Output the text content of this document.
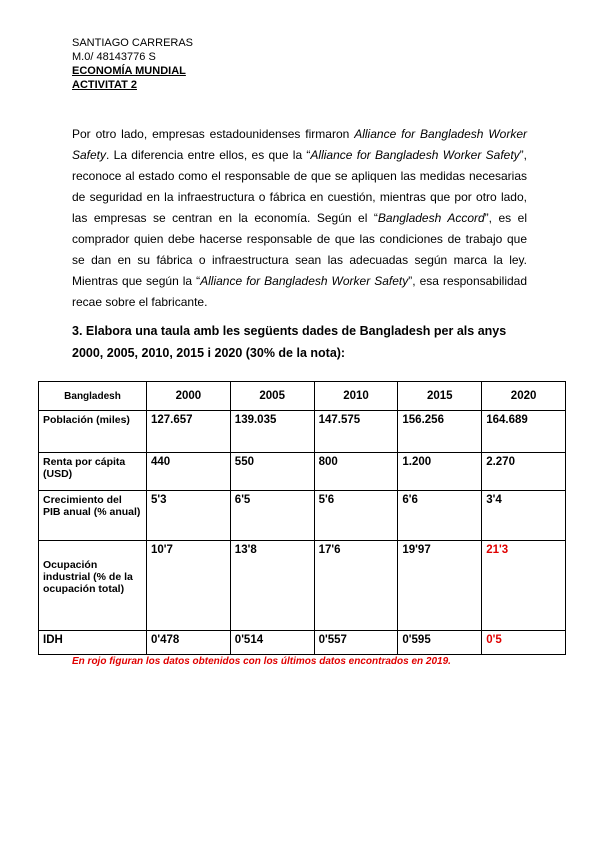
SANTIAGO CARRERAS
M.0/ 48143776 S
ECONOMÍA MUNDIAL
ACTIVITAT 2

Por otro lado, empresas estadounidenses firmaron Alliance for Bangladesh Worker Safety. La diferencia entre ellos, es que la “Alliance for Bangladesh Worker Safety”, reconoce al estado como el responsable de que se apliquen las medidas necesarias de seguridad en la infraestructura o fábrica en cuestión, mientras que por otro lado, las empresas se centran en la economía. Según el “Bangladesh Accord”, es el comprador quien debe hacerse responsable de que las condiciones de trabajo que se dan en su fábrica o infraestructura sean las adecuadas según marca la ley. Mientras que según la “Alliance for Bangladesh Worker Safety”, esa responsabilidad recae sobre el fabricante.

3. Elabora una taula amb les següents dades de Bangladesh per als anys 2000, 2005, 2010, 2015 i 2020 (30% de la nota):
Bangladesh	2000	2005	2010	2015	2020
Población (miles)	127.657	139.035	147.575	156.256	164.689
Renta por cápita (USD)	440	550	800	1.200	2.270
Crecimiento del PIB anual (% anual)	5'3	6'5	5'6	6'6	3'4
Ocupación industrial (% de la ocupación total)	10'7	13'8	17'6	19'97	21'3
IDH	0'478	0'514	0'557	0'595	0'5
En rojo figuran los datos obtenidos con los últimos datos encontrados en 2019.
